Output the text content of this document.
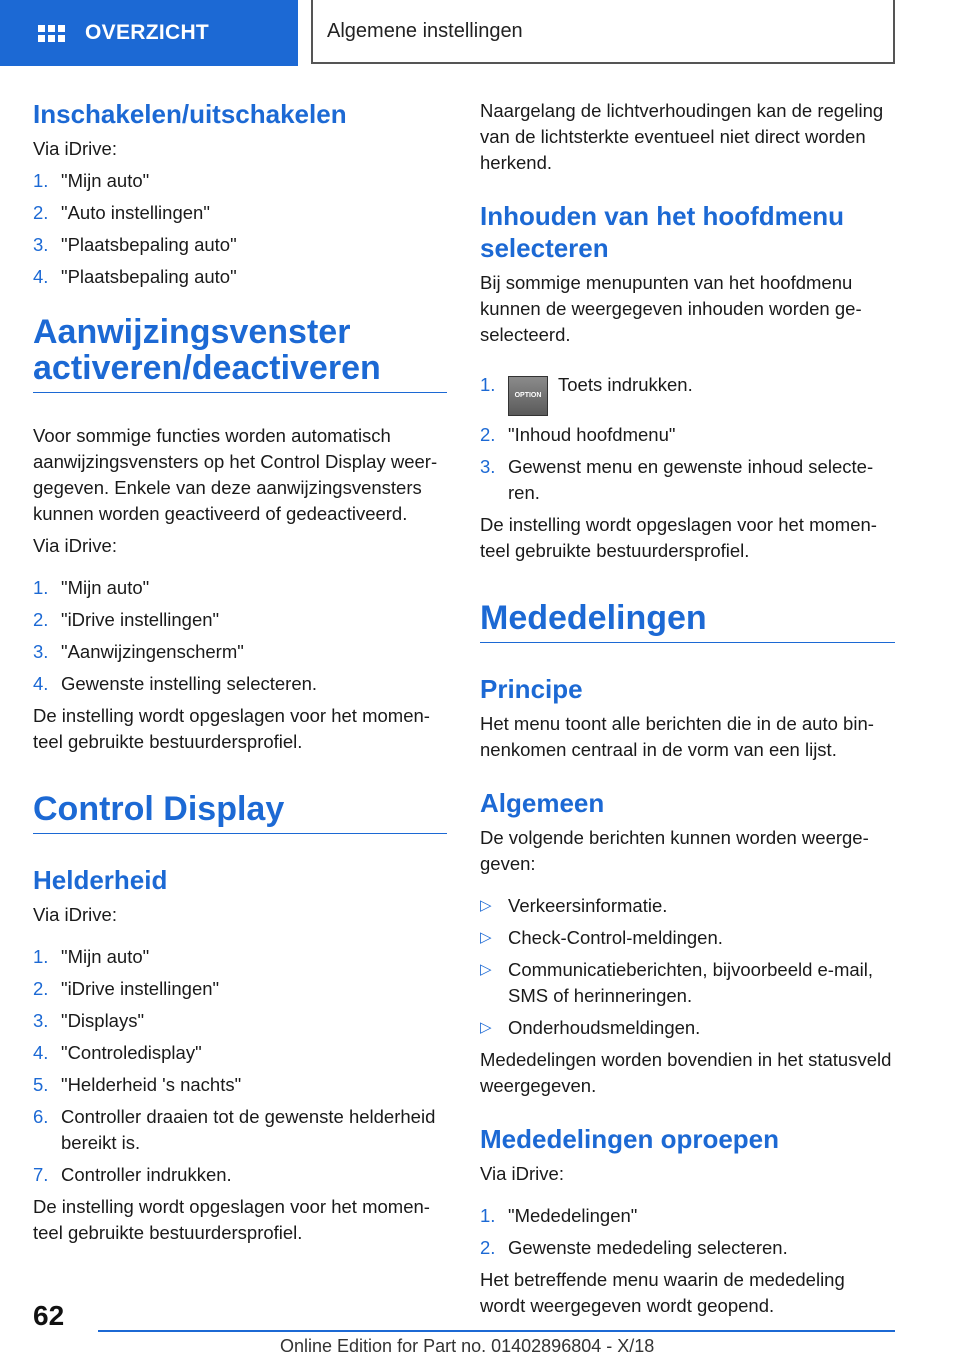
OVERZICHT	Algemene instellingen
Inschakelen/uitschakelen

Via iDrive:

1. "Mijn auto"
2. "Auto instellingen"
3. "Plaatsbepaling auto"
4. "Plaatsbepaling auto"
Aanwijzingsvenster
activeren/deactiveren

Voor sommige functies worden automatisch aanwijzingsvensters op het Control Display weergegeven. Enkele van deze aanwijzingsvensters kunnen worden geactiveerd of gedeactiveerd.

Via iDrive:

1. "Mijn auto"
2. "iDrive instellingen"
3. "Aanwijzingenscherm"
4. Gewenste instelling selecteren.

De instelling wordt opgeslagen voor het momenteel gebruikte bestuurdersprofiel.

Control Display
Helderheid

Via iDrive:

1. "Mijn auto"
2. "iDrive instellingen"
3. "Displays"
4. "Controledisplay"
5. "Helderheid 's nachts"
6. Controller draaien tot de gewenste helderheid bereikt is.
7. Controller indrukken.

De instelling wordt opgeslagen voor het momenteel gebruikte bestuurdersprofiel.

Naargelang de lichtverhoudingen kan de regeling van de lichtsterkte eventueel niet direct worden herkend.

Inhouden van het hoofdmenu selecteren

Bij sommige menupunten van het hoofdmenu kunnen de weergegeven inhouden worden geselecteerd.

1.
OPTIONToets indrukken.
2. "Inhoud hoofdmenu"
3. Gewenst menu en gewenste inhoud selecteren.

De instelling wordt opgeslagen voor het momenteel gebruikte bestuurdersprofiel.

Mededelingen
Principe

Het menu toont alle berichten die in de auto binnenkomen centraal in de vorm van een lijst.

Algemeen

De volgende berichten kunnen worden weergegeven:

▷ Verkeersinformatie.
▷ Check-Control-meldingen.
▷ Communicatieberichten, bijvoorbeeld e-mail, SMS of herinneringen.
▷ Onderhoudsmeldingen.

Mededelingen worden bovendien in het statusveld weergegeven.

Mededelingen oproepen

Via iDrive:

1. "Mededelingen"
2. Gewenste mededeling selecteren.

Het betreffende menu waarin de mededeling wordt weergegeven wordt geopend.

62
Online Edition for Part no. 01402896804 - X/18
